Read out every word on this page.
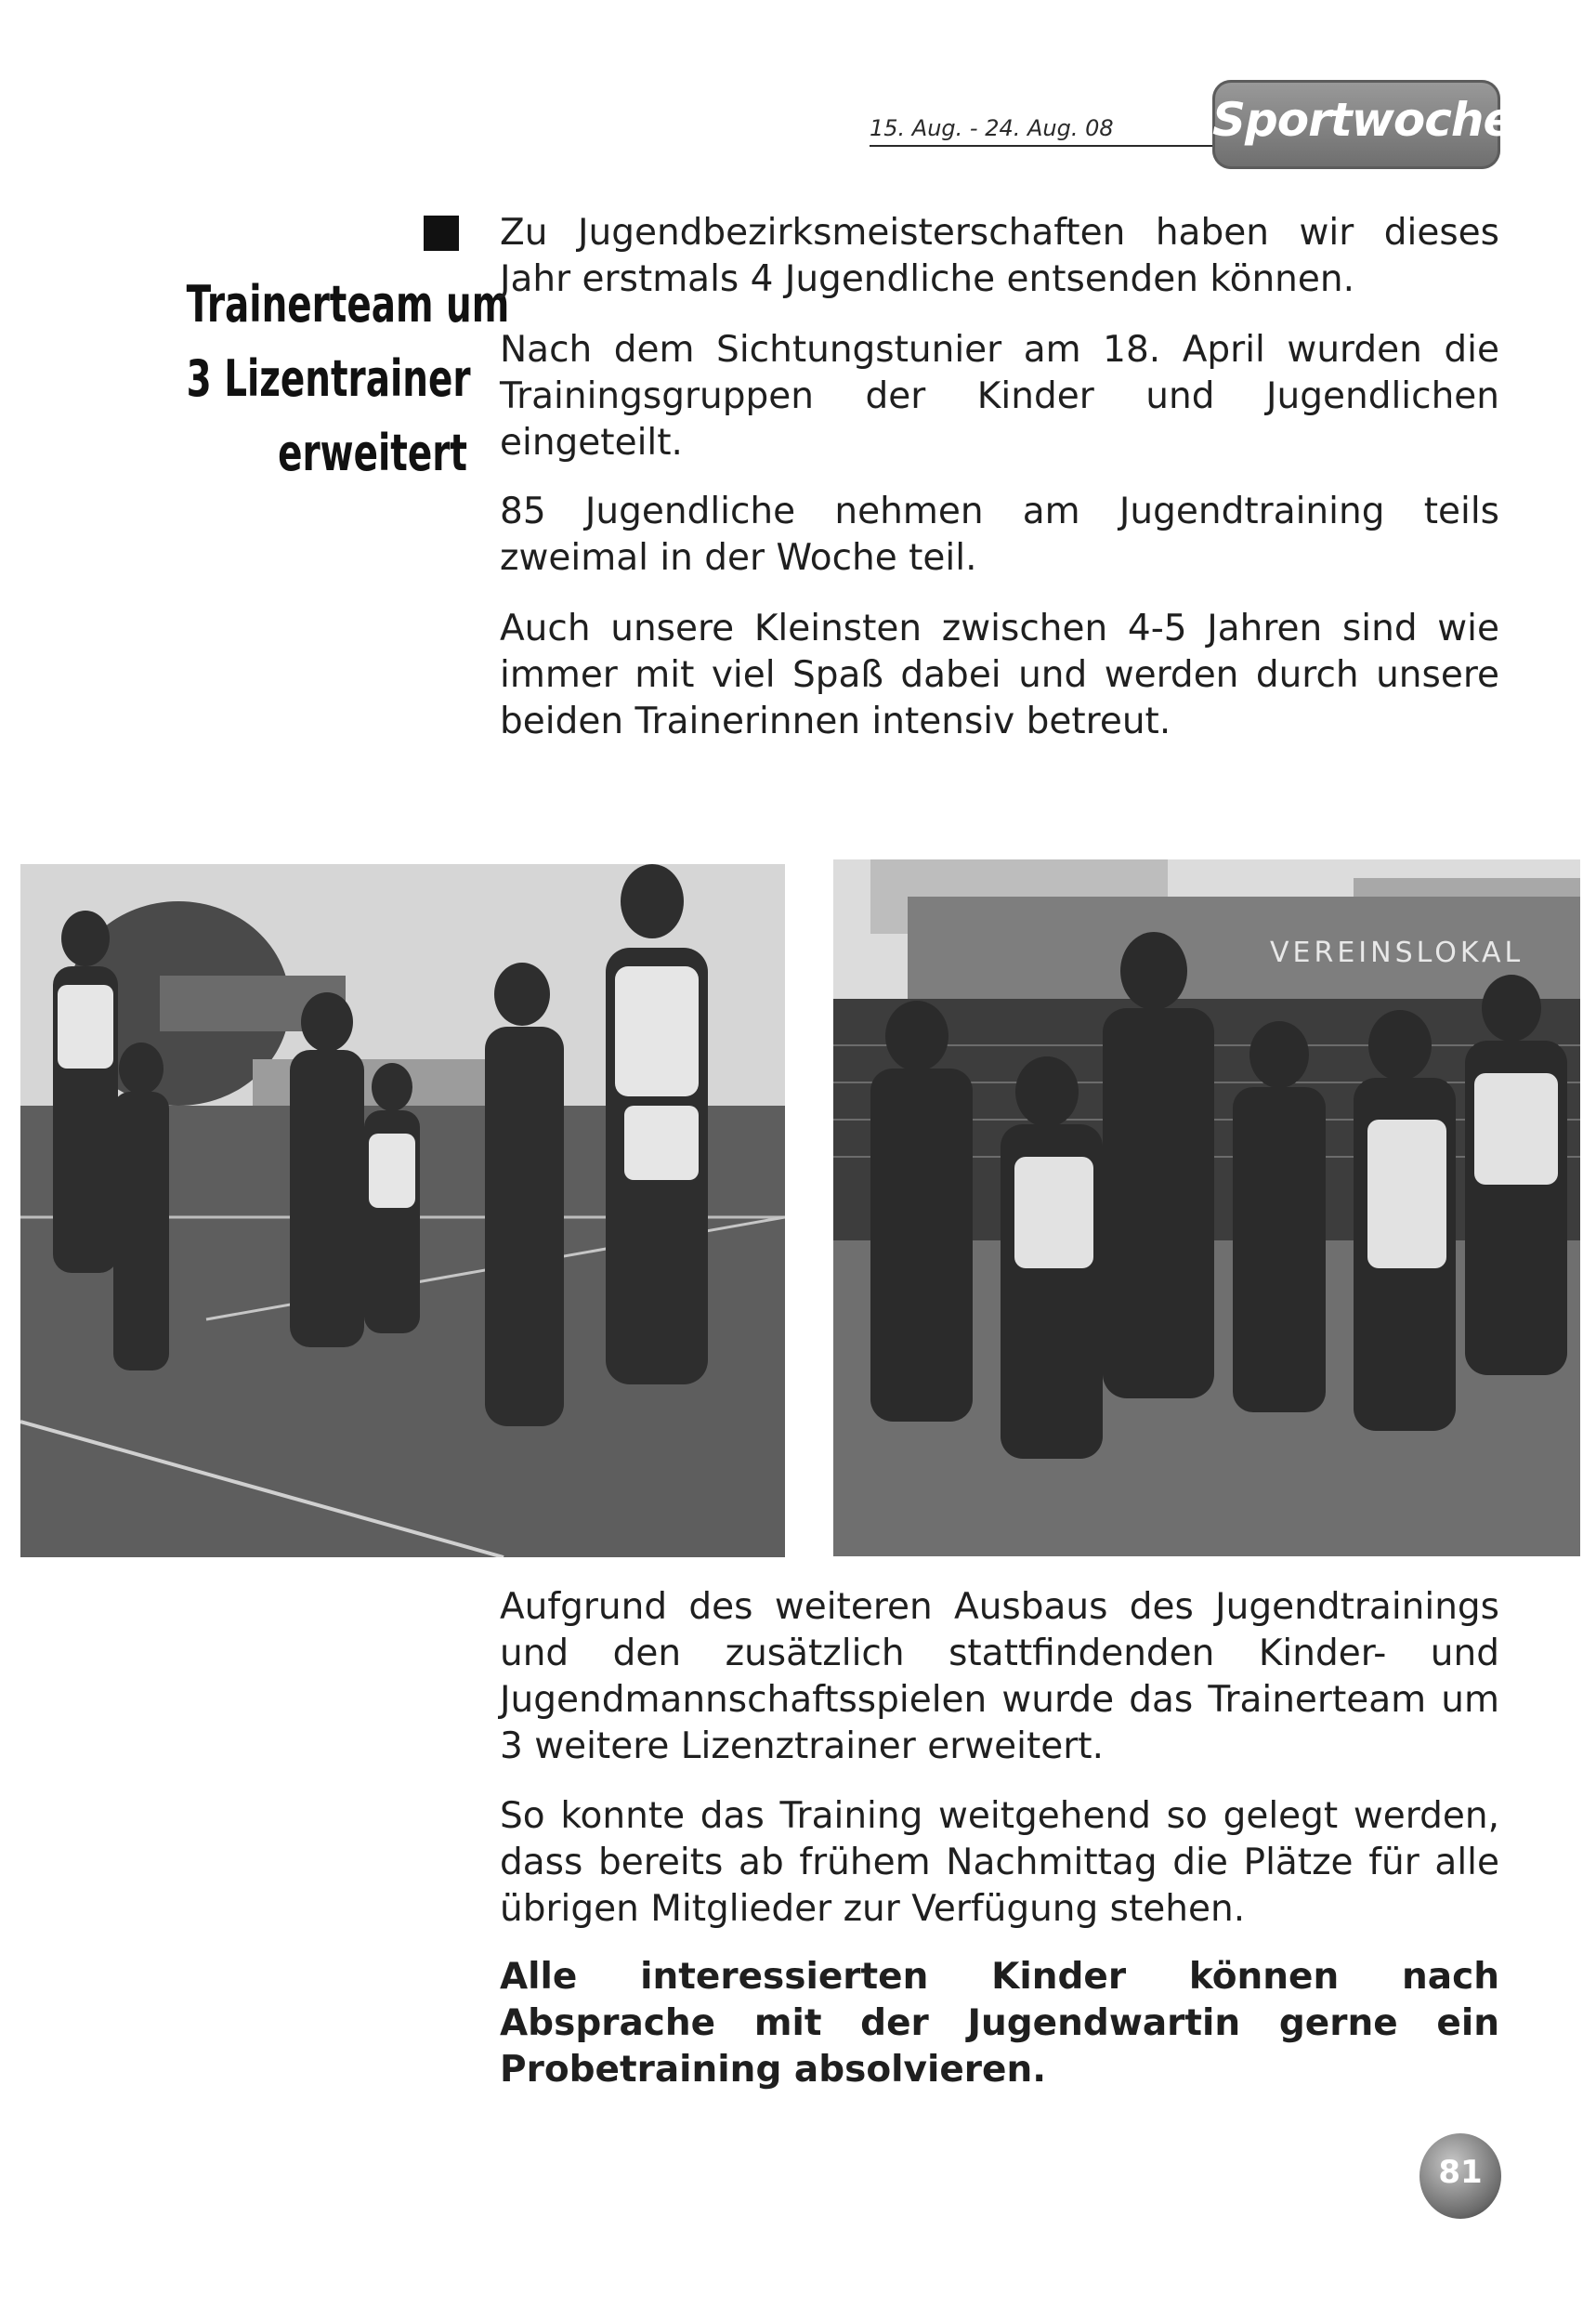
15. Aug. - 24. Aug. 08 Sportwoche
Trainerteam um
3 Lizentrainer
erweitert

Zu Jugendbezirksmeisterschaften haben wir dieses Jahr erstmals 4 Jugendliche entsenden können.

Nach dem Sichtungstunier am 18. April wurden die Trainingsgruppen der Kinder und Jugendlichen eingeteilt.

85 Jugendliche nehmen am Jugendtraining teils zweimal in der Woche teil.

Auch unsere Kleinsten zwischen 4-5 Jahren sind wie immer mit viel Spaß dabei und werden durch unsere beiden Trainerinnen intensiv betreut.

VEREINSLOKAL

Aufgrund des weiteren Ausbaus des Jugendtrainings und den zusätzlich stattfindenden Kinder- und Jugendmannschaftsspielen wurde das Trainerteam um 3 weitere Lizenztrainer erweitert.

So konnte das Training weitgehend so gelegt werden, dass bereits ab frühem Nachmittag die Plätze für alle übrigen Mitglieder zur Verfügung stehen.

Alle interessierten Kinder können nach Absprache mit der Jugendwartin gerne ein Probetraining absolvieren.

81
